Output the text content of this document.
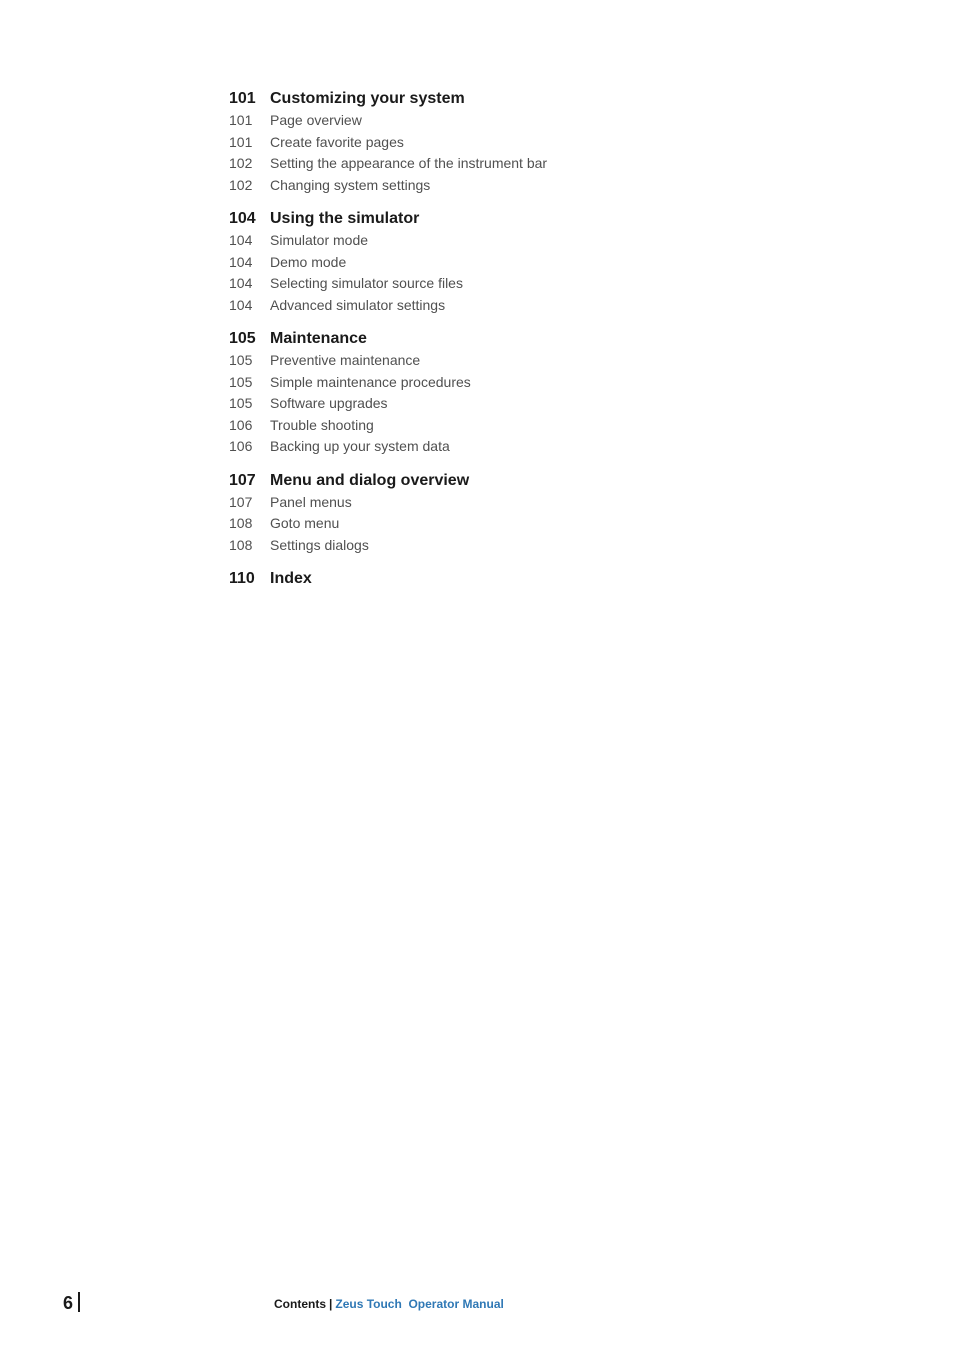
101 Customizing your system
101	Page overview
101	Create favorite pages
102	Setting the appearance of the instrument bar
102	Changing system settings
104 Using the simulator
104	Simulator mode
104	Demo mode
104	Selecting simulator source files
104	Advanced simulator settings
105 Maintenance
105	Preventive maintenance
105	Simple maintenance procedures
105	Software upgrades
106	Trouble shooting
106	Backing up your system data
107 Menu and dialog overview
107	Panel menus
108	Goto menu
108	Settings dialogs
110 Index
6	Contents | Zeus Touch  Operator Manual
